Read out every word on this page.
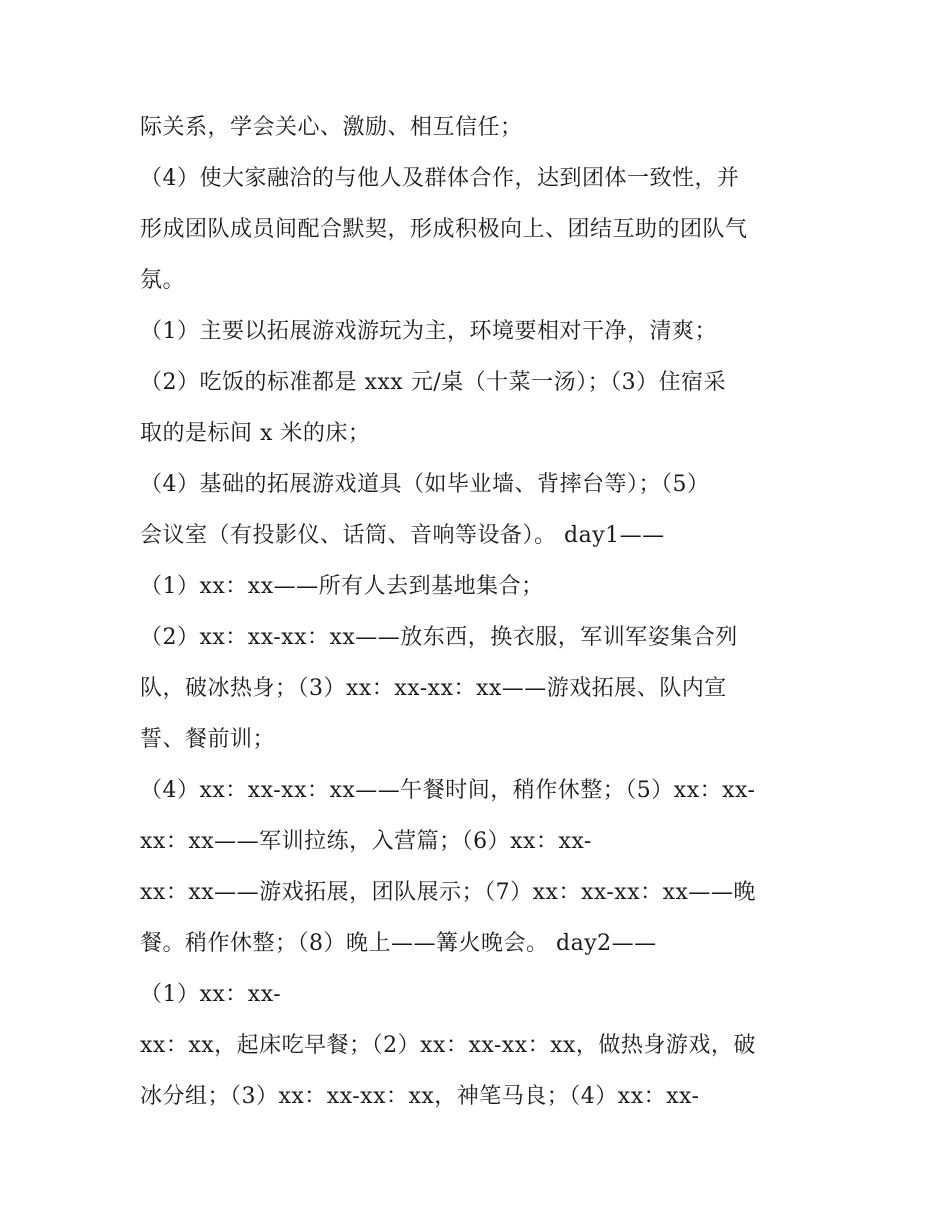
际关系，学会关心、激励、相互信任；

（4）使大家融洽的与他人及群体合作，达到团体一致性，并

形成团队成员间配合默契，形成积极向上、团结互助的团队气

氛。

（1）主要以拓展游戏游玩为主，环境要相对干净，清爽；

（2）吃饭的标准都是 xxx 元/桌（十菜一汤）；（3）住宿采

取的是标间 x 米的床；

（4）基础的拓展游戏道具（如毕业墙、背摔台等）；（5）

会议室（有投影仪、话筒、音响等设备）。 day1——

（1）xx：xx——所有人去到基地集合；

（2）xx：xx-xx：xx——放东西，换衣服，军训军姿集合列

队，破冰热身；（3）xx：xx-xx：xx——游戏拓展、队内宣

誓、餐前训；

（4）xx：xx-xx：xx——午餐时间，稍作休整；（5）xx：xx-

xx：xx——军训拉练，入营篇；（6）xx：xx-

xx：xx——游戏拓展，团队展示；（7）xx：xx-xx：xx——晚

餐。稍作休整；（8）晚上——篝火晚会。 day2——

（1）xx：xx-

xx：xx，起床吃早餐；（2）xx：xx-xx：xx，做热身游戏，破

冰分组；（3）xx：xx-xx：xx，神笔马良；（4）xx：xx-
